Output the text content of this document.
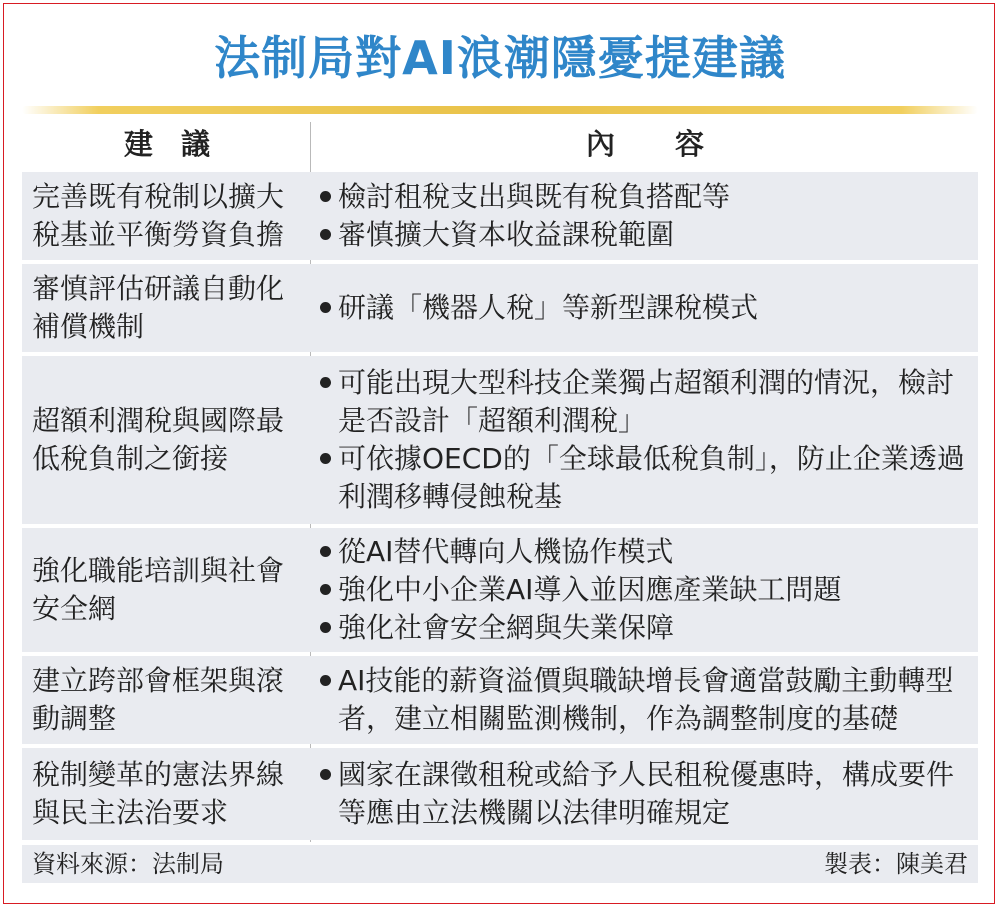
法制局對AI浪潮隱憂提建議
建議	內容
完善既有稅制以擴大稅基並平衡勞資負擔
檢討租稅支出與既有稅負搭配等
審慎擴大資本收益課稅範圍
審慎評估研議自動化補償機制
研議「機器人稅」等新型課稅模式
超額利潤稅與國際最低稅負制之銜接
可能出現大型科技企業獨占超額利潤的情況，檢討是否設計「超額利潤稅」
可依據OECD的「全球最低稅負制」，防止企業透過利潤移轉侵蝕稅基
強化職能培訓與社會安全網
從AI替代轉向人機協作模式
強化中小企業AI導入並因應產業缺工問題
強化社會安全網與失業保障
建立跨部會框架與滾動調整
AI技能的薪資溢價與職缺增長會適當鼓勵主動轉型者，建立相關監測機制，作為調整制度的基礎
稅制變革的憲法界線與民主法治要求
國家在課徵租稅或給予人民租稅優惠時，構成要件等應由立法機關以法律明確規定
資料來源：法制局	製表：陳美君
